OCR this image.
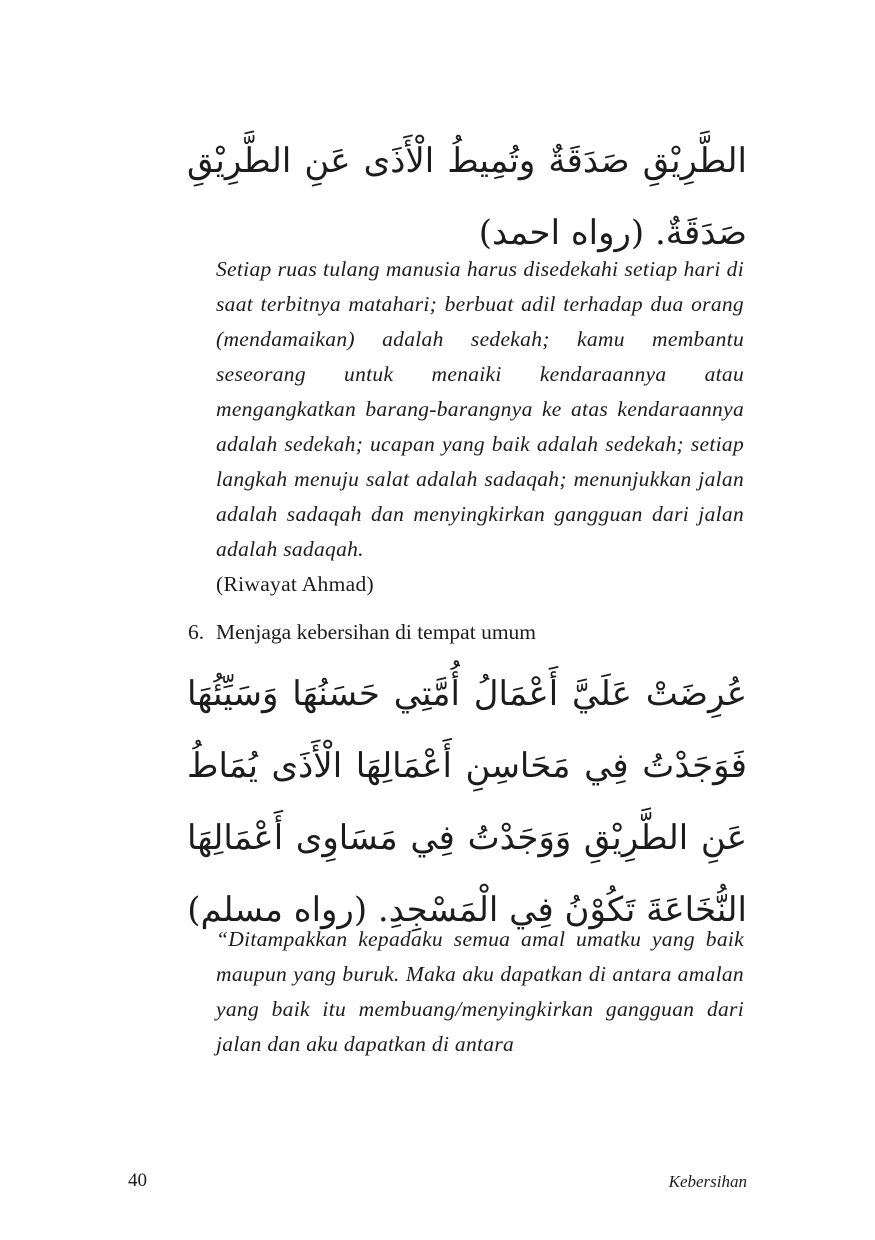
الطَّرِيْقِ صَدَقَةٌ وتُمِيطُ الْأَذَى عَنِ الطَّرِيْقِ صَدَقَةٌ. (رواه احمد)

Setiap ruas tulang manusia harus disedekahi setiap hari di saat terbitnya matahari; berbuat adil terhadap dua orang (mendamaikan) adalah sedekah; kamu membantu seseorang untuk menaiki kendaraannya atau mengangkatkan barang-barangnya ke atas kendaraannya adalah sedekah; ucapan yang baik adalah sedekah; setiap langkah menuju salat adalah sadaqah; menunjukkan jalan adalah sadaqah dan menyingkirkan gangguan dari jalan adalah sadaqah.
(Riwayat Ahmad)

6. Menjaga kebersihan di tempat umum

عُرِضَتْ عَلَيَّ أَعْمَالُ أُمَّتِي حَسَنُهَا وَسَيِّئُهَا فَوَجَدْتُ فِي مَحَاسِنِ أَعْمَالِهَا الْأَذَى يُمَاطُ عَنِ الطَّرِيْقِ وَوَجَدْتُ فِي مَسَاوِى أَعْمَالِهَا النُّخَاعَةَ تَكُوْنُ فِي الْمَسْجِدِ. (رواه مسلم)

“Ditampakkan kepadaku semua amal umatku yang baik maupun yang buruk. Maka aku dapatkan di antara amalan yang baik itu membuang/menyingkirkan gangguan dari jalan dan aku dapatkan di antara

40	Kebersihan
